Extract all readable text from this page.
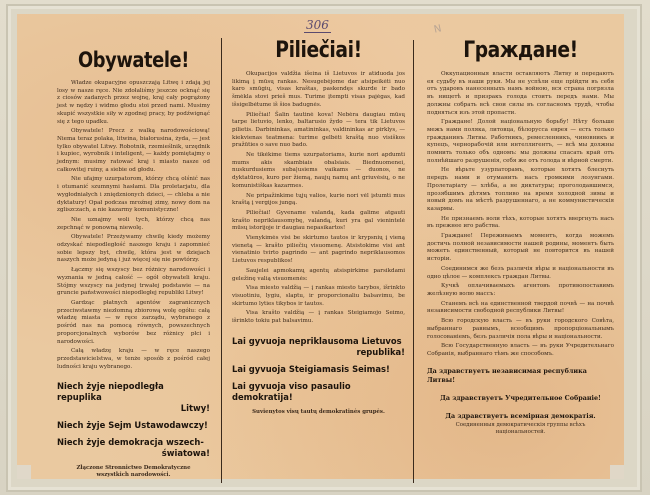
306	N
Obywatele!

Władze okupacyjne opuszczają Litwę i zdają jej losy w nasze ręce. Nie zdołaliśmy jeszcze ocknąć się z ciosów zadanych przez wojnę, kraj cały pogrążony jest w nędzy i widmo głodu stoi przed nami. Musimy skupić wszystkie siły w zgodnej pracy, by podźwignąć się z tego upadku.

Obywatele! Precz z walką narodowościową! Niema teraz polaka, litwina, białorusina, żyda, — jest tylko obywatel Litwy. Robotnik, rzemieślnik, urzędnik i kupiec, wyrobnik i inteligent, — każdy pomiętajmy o jednym: musimy ratować kraj i miasto nasze od całkowitej ruiny, a siebie od głodu.

Nie ufajmy uzurpatorom, którzy chcą olśnić nas i otumanić szumnymi hasłami. Dla proletarjatu, dla wygłodniałych i zniędznionych dzieci, — chleba a nie dyktatury! Opał podczas mroźnej zimy, nowy dom na zgliszczach, a nie kazarmy komunistyczne!

Nie uznajmy woli tych, którzy chcą nas zepchnąć w ponowną niewolę.

Obywatele! Przeżywamy chwilę kiedy możemy odzyskać niepodległość naszego kraju i zapomnieć sobie lepszy byt, chwilę, która jest w dziejach naszych może jedyną i już więcej się nie powtórzy.

Łączmy się wszyscy bez różnicy narodowości i wyznania w jedną całość — ogół obywateli kraju. Stójmy wszyscy na jedynej trwałej podstawie — na gruncie państwowości niepodległej republiki Litwy!

Gardząc płatnych agentów zagranicznych przeciwstawmy niezłomną zbiorową wolę ogółu: całą władzę miasta — w ręce zarządu, wybranego z pośród nas na pomocą równych, powszechnych proporcjonalnych wyborów bez różnicy płci i narodowości.

Całą władzę kraju — w ręce naszego przedstawicielstwa, w tenże sposób z pośród całej ludności kraju wybranego.

Niech żyje niepodległa repuplika
Litwy!
Niech żyje Sejm Ustawodawczy!
Niech żyje demokracja wszech-
światowa!
Złączone Stronnictwo Demokratyczne
wszystkich narodowości.
Piliečiai!

Okupacijos valdžia išeina iš Lietuvos ir atiduoda jos likimą į mūsų rankas. Nesugebėjome dar atsipeikėti nuo karo smūgių, visas kraštas, paskendęs skurde ir bado šmėkla stovi prieš mus. Turime įtempti visas pajėgas, kad išsigelbėtume iš šios badugnės.

Piliečiai! Šalin tautinė kova! Nebėra daugiau mūsų tarpe lietuvio, lenko, baltarusio žydo — tera tik Lietuvos pilietis. Darbininkas, amatininkas, valdininkas ar pirklys, — kiekvienas teatmena: turime gelbėti kraštą nuo visiškos pražūties o save nuo bado.

Ne tikėkime tiems uzurpatoriams, kurie nori apdumti mums akis skambiais obalsiais. Biednuomenei, nuskurdusiems suba|usiems vaikams — duonos, ne dyktatūros, kuro per žiemą, naujų namų ant griuvėsių, o ne komunistiškas kazarmes.

Ne pripažinkime tųjų valios, kurie nori vėl įstumti mus kraštą į vergijos jungą.

Piliečiai! Gyvename valandą, kada galime atgauti krašto nepriklausomybę, valandą, kuri yra gal vienintelė mūsų istorijoje ir daugiau nepasikartos!

Vienykimės visi be skirtumo tautos ir krypsnių į vieną vienetą — krašto piliečių visuomenę. Atsistokime visi ant vienatinio tvirto pagrindo — ant pagrindo nepriklausomos Lietuvos respublikos!

Saujelei apmokamų agentų atsispirkime parsikdami geležinę valią visuomenės:

Visa miesto valdžią — į rankas miesto tarybos, išrinkto visuotiniu, lygiu, slaptu, ir proporcionaliu balsavimu, be skirtumo lyties tikybos ir tautos.

Visa krašto valdžią — į rankas Steigiamojo Seimo, išrinkto tokiu pat balsavimu.

Lai gyvuoja nepriklausoma Lietuvos
republika!
Lai gyvuoja Steigiamasis Seimas!
Lai gyvuoja viso pasaulio demokratija!
Suvienytos visų tautų demokratinės grupės.
Граждане!

Оккупационныя власти оставляютъ Литву и передаютъ ея судьбу въ наши руки. Мы не успѣли еще прійдти въ себя отъ ударовъ нанесенныхъ намъ войною, вся страна погрязла въ нищетѣ и призракъ голода стоитъ передъ нами. Мы должны собрать всѣ свои силы въ согласномъ трудѣ, чтобы подняться изъ этой пропасти.

Граждане! Долой національную борьбу! Нѣту больше межъ нами поляка, литовца, бѣлорусса еврея — есть только гражданинъ Литвы. Работникъ, ремесленникъ, чиновникъ и купецъ, чернорабочій или интеллигентъ, — всѣ мы должны помнить только объ одномъ: мы должны спасать край отъ полнѣйшаго разрушенія, себя же отъ голода и вѣрной смерти.

Не вѣрьте узурпаторамъ, которые хотятъ блеснуть передъ нами и отуманить насъ громкими лозунгами. Пролетаріату — хлѣба, а не диктатуры; проголодавшимся, прозябшимъ дѣтямъ топливо на время холодной зимы и новый домъ на мѣстѣ разрушеннаго, а не коммунистическія казармы.

Не признаемъ воли тѣхъ, которые хотятъ ввергнуть насъ въ прежнее иго рабства.

Граждане! Переживаемъ моментъ, когда можемъ достичь полной независимости нашей родины, моментъ быть можетъ единственный, который не повторится въ нашей исторіи.

Соединимся же безъ различія вѣры и національности въ одно цѣлое — комплексъ граждан Литвы.

Кучкѣ оплачиваемыхъ агентовъ противопоставимъ желѣзную волю массъ:

Станемъ всѣ на единственной твердой почвѣ — на почвѣ независимости свободной республики Литвы!

Всю городскую власть — въ руки городского Совѣта, выбраннаго равнымъ, всеобщимъ пропорціональнымъ голосованіемъ, безъ различія пола вѣры и національности.

Всю Государственную власть — въ руки Учредительнаго Собранія, выбраннаго тѣмъ же способомъ.

Да здравствуетъ независимая республика
Литвы!
Да здравствуетъ Учредительное Собраніе!
Да здравствуетъ всемірная демократія.
Соединенныя демократическія группы всѣхъ
національностей.
